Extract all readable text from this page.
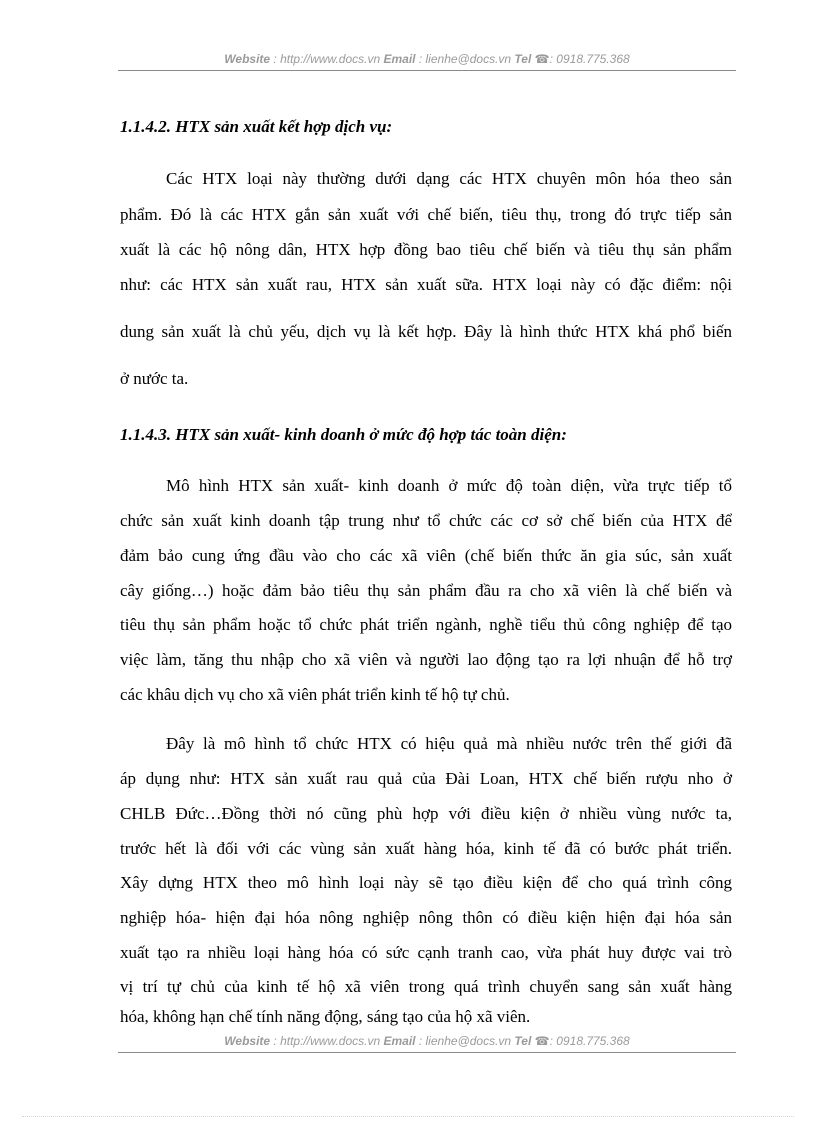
Website : http://www.docs.vn Email : lienhe@docs.vn Tel ☎: 0918.775.368
1.1.4.2. HTX sản xuất kết hợp dịch vụ:
Các HTX loại này thường dưới dạng các HTX chuyên môn hóa theo sản
phẩm. Đó là các HTX gắn sản xuất với chế biến, tiêu thụ, trong đó trực tiếp sản
xuất là các hộ nông dân, HTX hợp đồng bao tiêu chế biến và tiêu thụ sản phẩm
như: các HTX sản xuất rau, HTX sản xuất sữa. HTX loại này có đặc điểm: nội
dung sản xuất là chủ yếu, dịch vụ là kết hợp. Đây là hình thức HTX khá phổ biến
ở nước ta.
1.1.4.3. HTX sản xuất- kinh doanh ở mức độ hợp tác toàn diện:
Mô hình HTX sản xuất- kinh doanh ở mức độ toàn diện, vừa trực tiếp tổ
chức sản xuất kinh doanh tập trung như tổ chức các cơ sở chế biến của HTX để
đảm bảo cung ứng đầu vào cho các xã viên (chế biến thức ăn gia súc, sản xuất
cây giống…) hoặc đảm bảo tiêu thụ sản phẩm đầu ra cho xã viên là chế biến và
tiêu thụ sản phẩm hoặc tổ chức phát triển ngành, nghề tiểu thủ công nghiệp để tạo
việc làm, tăng thu nhập cho xã viên và người lao động tạo ra lợi nhuận để hỗ trợ
các khâu dịch vụ cho xã viên phát triển kinh tế hộ tự chủ.
Đây là mô hình tổ chức HTX có hiệu quả mà nhiều nước trên thế giới đã
áp dụng như: HTX sản xuất rau quả của Đài Loan, HTX chế biến rượu nho ở
CHLB Đức…Đồng thời nó cũng phù hợp với điều kiện ở nhiều vùng nước ta,
trước hết là đối với các vùng sản xuất hàng hóa, kinh tế đã có bước phát triển.
Xây dựng HTX theo mô hình loại này sẽ tạo điều kiện để cho quá trình công
nghiệp hóa- hiện đại hóa nông nghiệp nông thôn có điều kiện hiện đại hóa sản
xuất tạo ra nhiều loại hàng hóa có sức cạnh tranh cao, vừa phát huy được vai trò
vị trí tự chủ của kinh tế hộ xã viên trong quá trình chuyển sang sản xuất hàng
hóa, không hạn chế tính năng động, sáng tạo của hộ xã viên.
Website : http://www.docs.vn Email : lienhe@docs.vn Tel ☎: 0918.775.368
